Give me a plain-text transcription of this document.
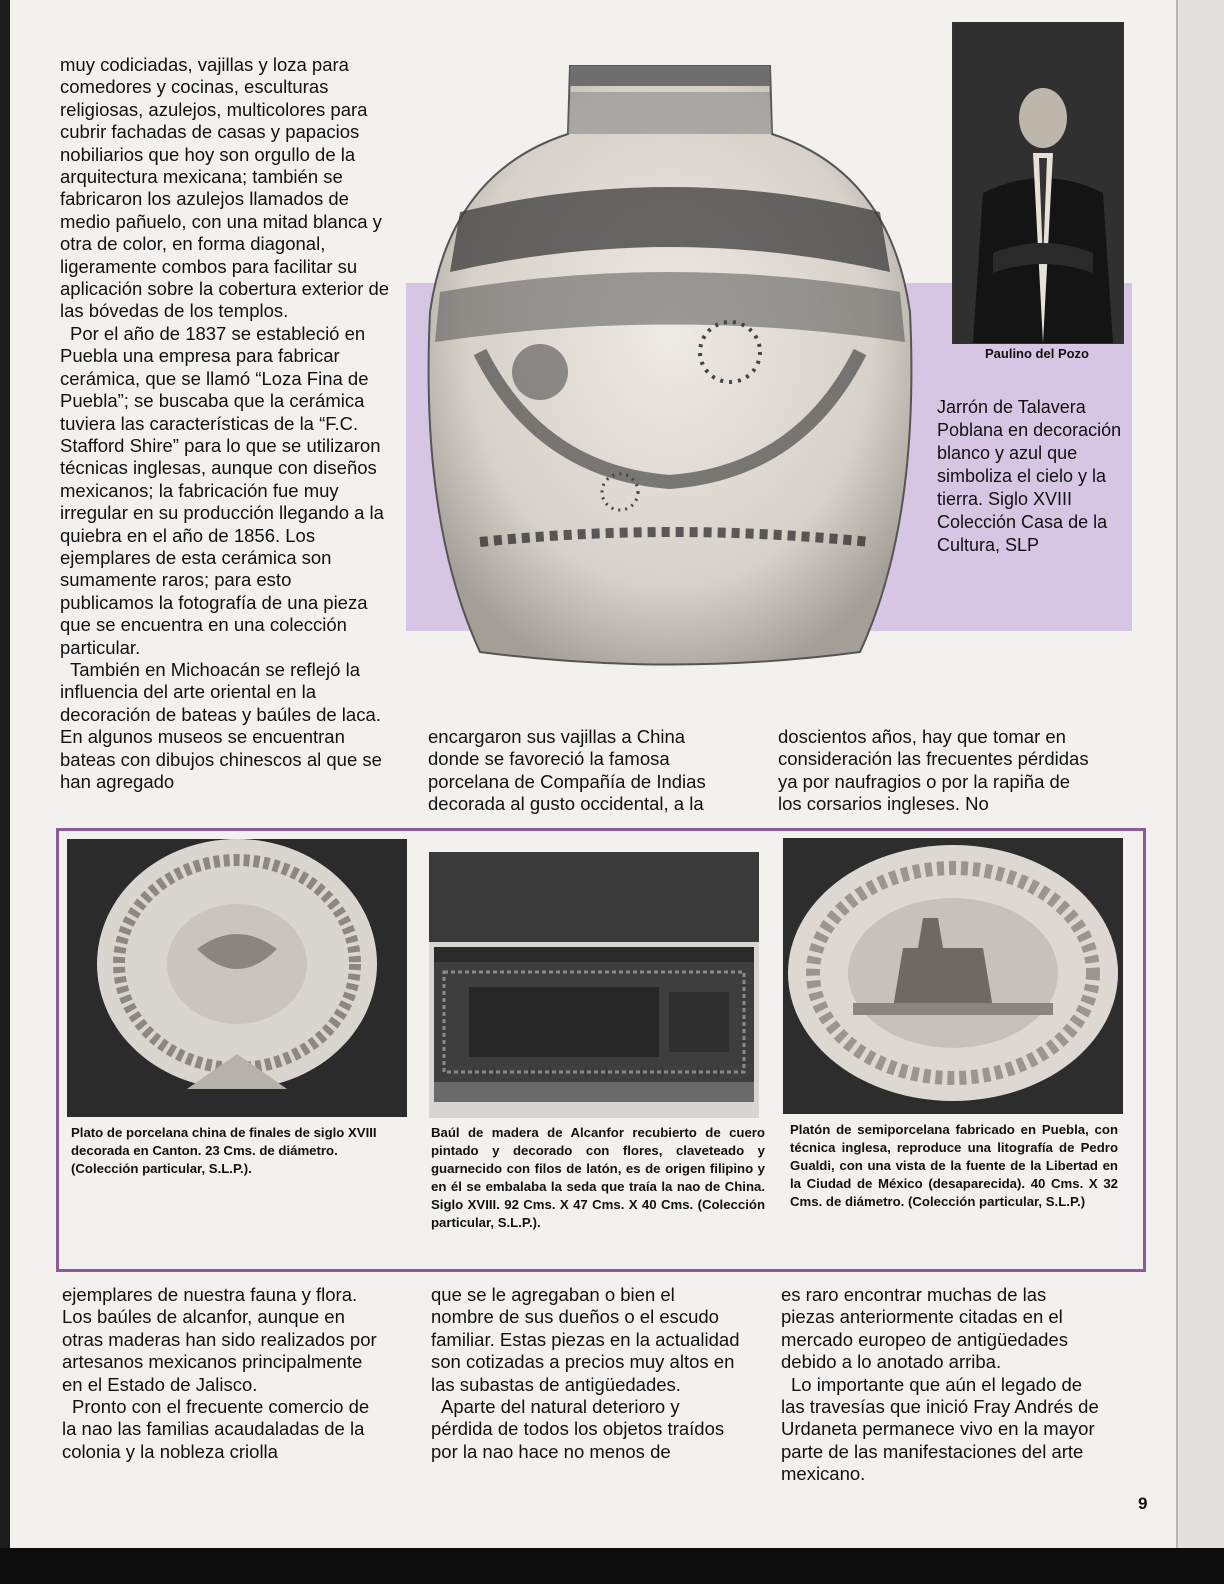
muy codiciadas, vajillas y loza para comedores y cocinas, esculturas religiosas, azulejos, multicolores para cubrir fachadas de casas y papacios nobiliarios que hoy son orgullo de la arquitectura mexicana; también se fabricaron los azulejos llamados de medio pañuelo, con una mitad blanca y otra de color, en forma diagonal, ligeramente combos para facilitar su aplicación sobre la cobertura exterior de las bóvedas de los templos.

Por el año de 1837 se estableció en Puebla una empresa para fabricar cerámica, que se llamó “Loza Fina de Puebla”; se buscaba que la cerámica tuviera las características de la “F.C. Stafford Shire” para lo que se utilizaron técnicas inglesas, aunque con diseños mexicanos; la fabricación fue muy irregular en su producción llegando a la quiebra en el año de 1856. Los ejemplares de esta cerámica son sumamente raros; para esto publicamos la fotografía de una pieza que se encuentra en una colección particular.

También en Michoacán se reflejó la influencia del arte oriental en la decoración de bateas y baúles de laca. En algunos museos se encuentran bateas con dibujos chinescos al que se han agregado

Paulino del Pozo
Jarrón de Talavera Poblana en decoración blanco y azul que simboliza el cielo y la tierra. Siglo XVIII Colección Casa de la Cultura, SLP

encargaron sus vajillas a China donde se favoreció la famosa porcelana de Compañía de Indias decorada al gusto occidental, a la

doscientos años, hay que tomar en consideración las frecuentes pérdidas ya por naufragios o por la rapiña de los corsarios ingleses. No

Plato de porcelana china de finales de siglo XVIII decorada en Canton. 23 Cms. de diámetro. (Colección particular, S.L.P.).
Baúl de madera de Alcanfor recubierto de cuero pintado y decorado con flores, claveteado y guarnecido con filos de latón, es de origen filipino y en él se embalaba la seda que traía la nao de China. Siglo XVIII. 92 Cms. X 47 Cms. X 40 Cms. (Colección particular, S.L.P.).
Platón de semiporcelana fabricado en Puebla, con técnica inglesa, reproduce una litografía de Pedro Gualdi, con una vista de la fuente de la Libertad en la Ciudad de México (desaparecida). 40 Cms. X 32 Cms. de diámetro. (Colección particular, S.L.P.)

ejemplares de nuestra fauna y flora. Los baúles de alcanfor, aunque en otras maderas han sido realizados por artesanos mexicanos principalmente en el Estado de Jalisco.

Pronto con el frecuente comercio de la nao las familias acaudaladas de la colonia y la nobleza criolla

que se le agregaban o bien el nombre de sus dueños o el escudo familiar. Estas piezas en la actualidad son cotizadas a precios muy altos en las subastas de antigüedades.

Aparte del natural deterioro y pérdida de todos los objetos traídos por la nao hace no menos de

es raro encontrar muchas de las piezas anteriormente citadas en el mercado europeo de antigüedades debido a lo anotado arriba.

Lo importante que aún el legado de las travesías que inició Fray Andrés de Urdaneta permanece vivo en la mayor parte de las manifestaciones del arte mexicano.

9
